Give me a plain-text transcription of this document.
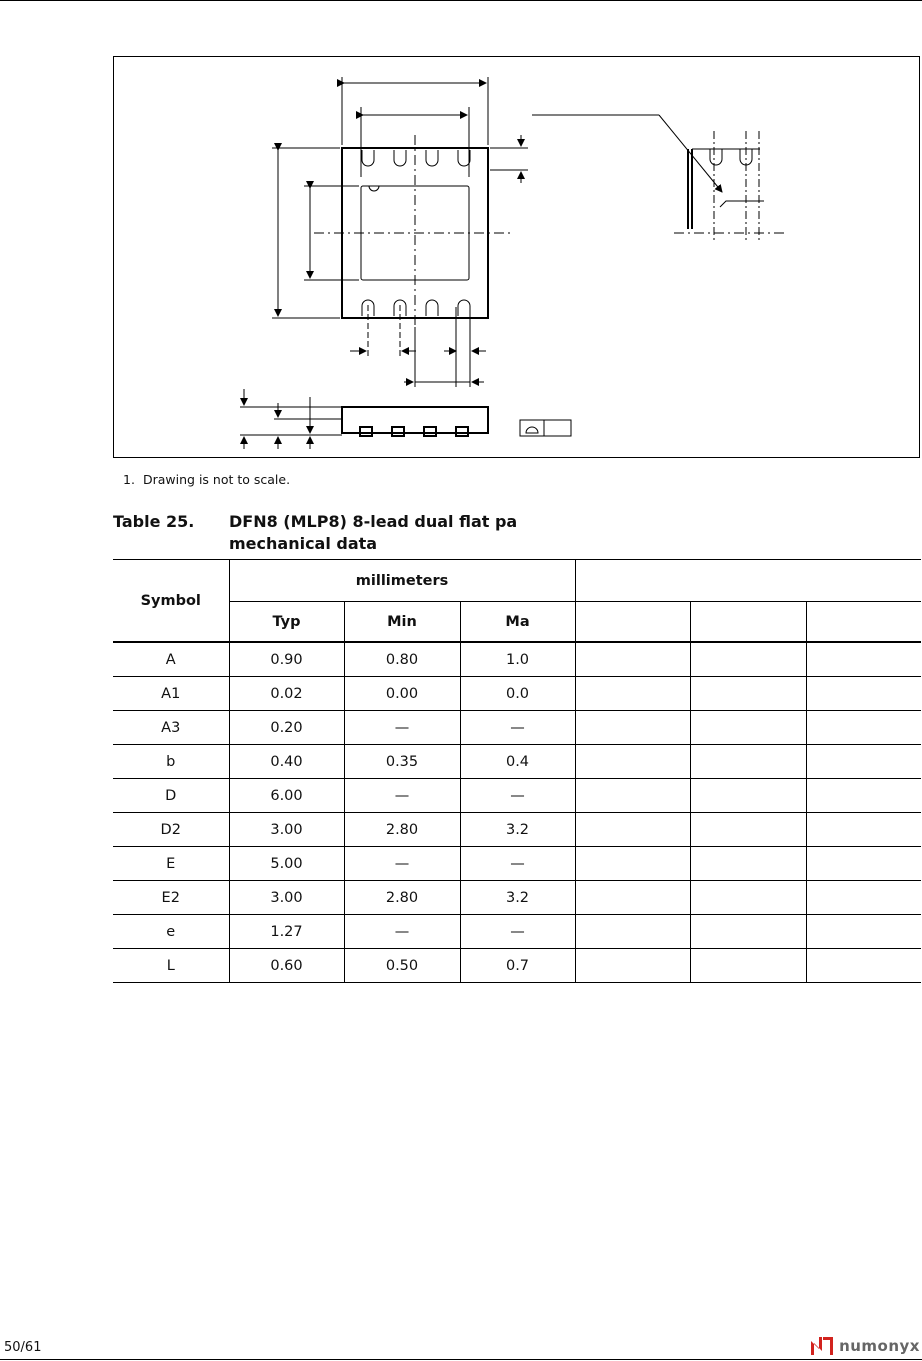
1. Drawing is not to scale.
Table 25. DFN8 (MLP8) 8-lead dual flat pa
mechanical data
Symbol	millimeters					
	Typ	Min	Ma			
A	0.90	0.80	1.0			
A1	0.02	0.00	0.0			
A3	0.20	—	—			
b	0.40	0.35	0.4			
D	6.00	—	—			
D2	3.00	2.80	3.2			
E	5.00	—	—			
E2	3.00	2.80	3.2			
e	1.27	—	—			
L	0.60	0.50	0.7			
50/61	numonyx
